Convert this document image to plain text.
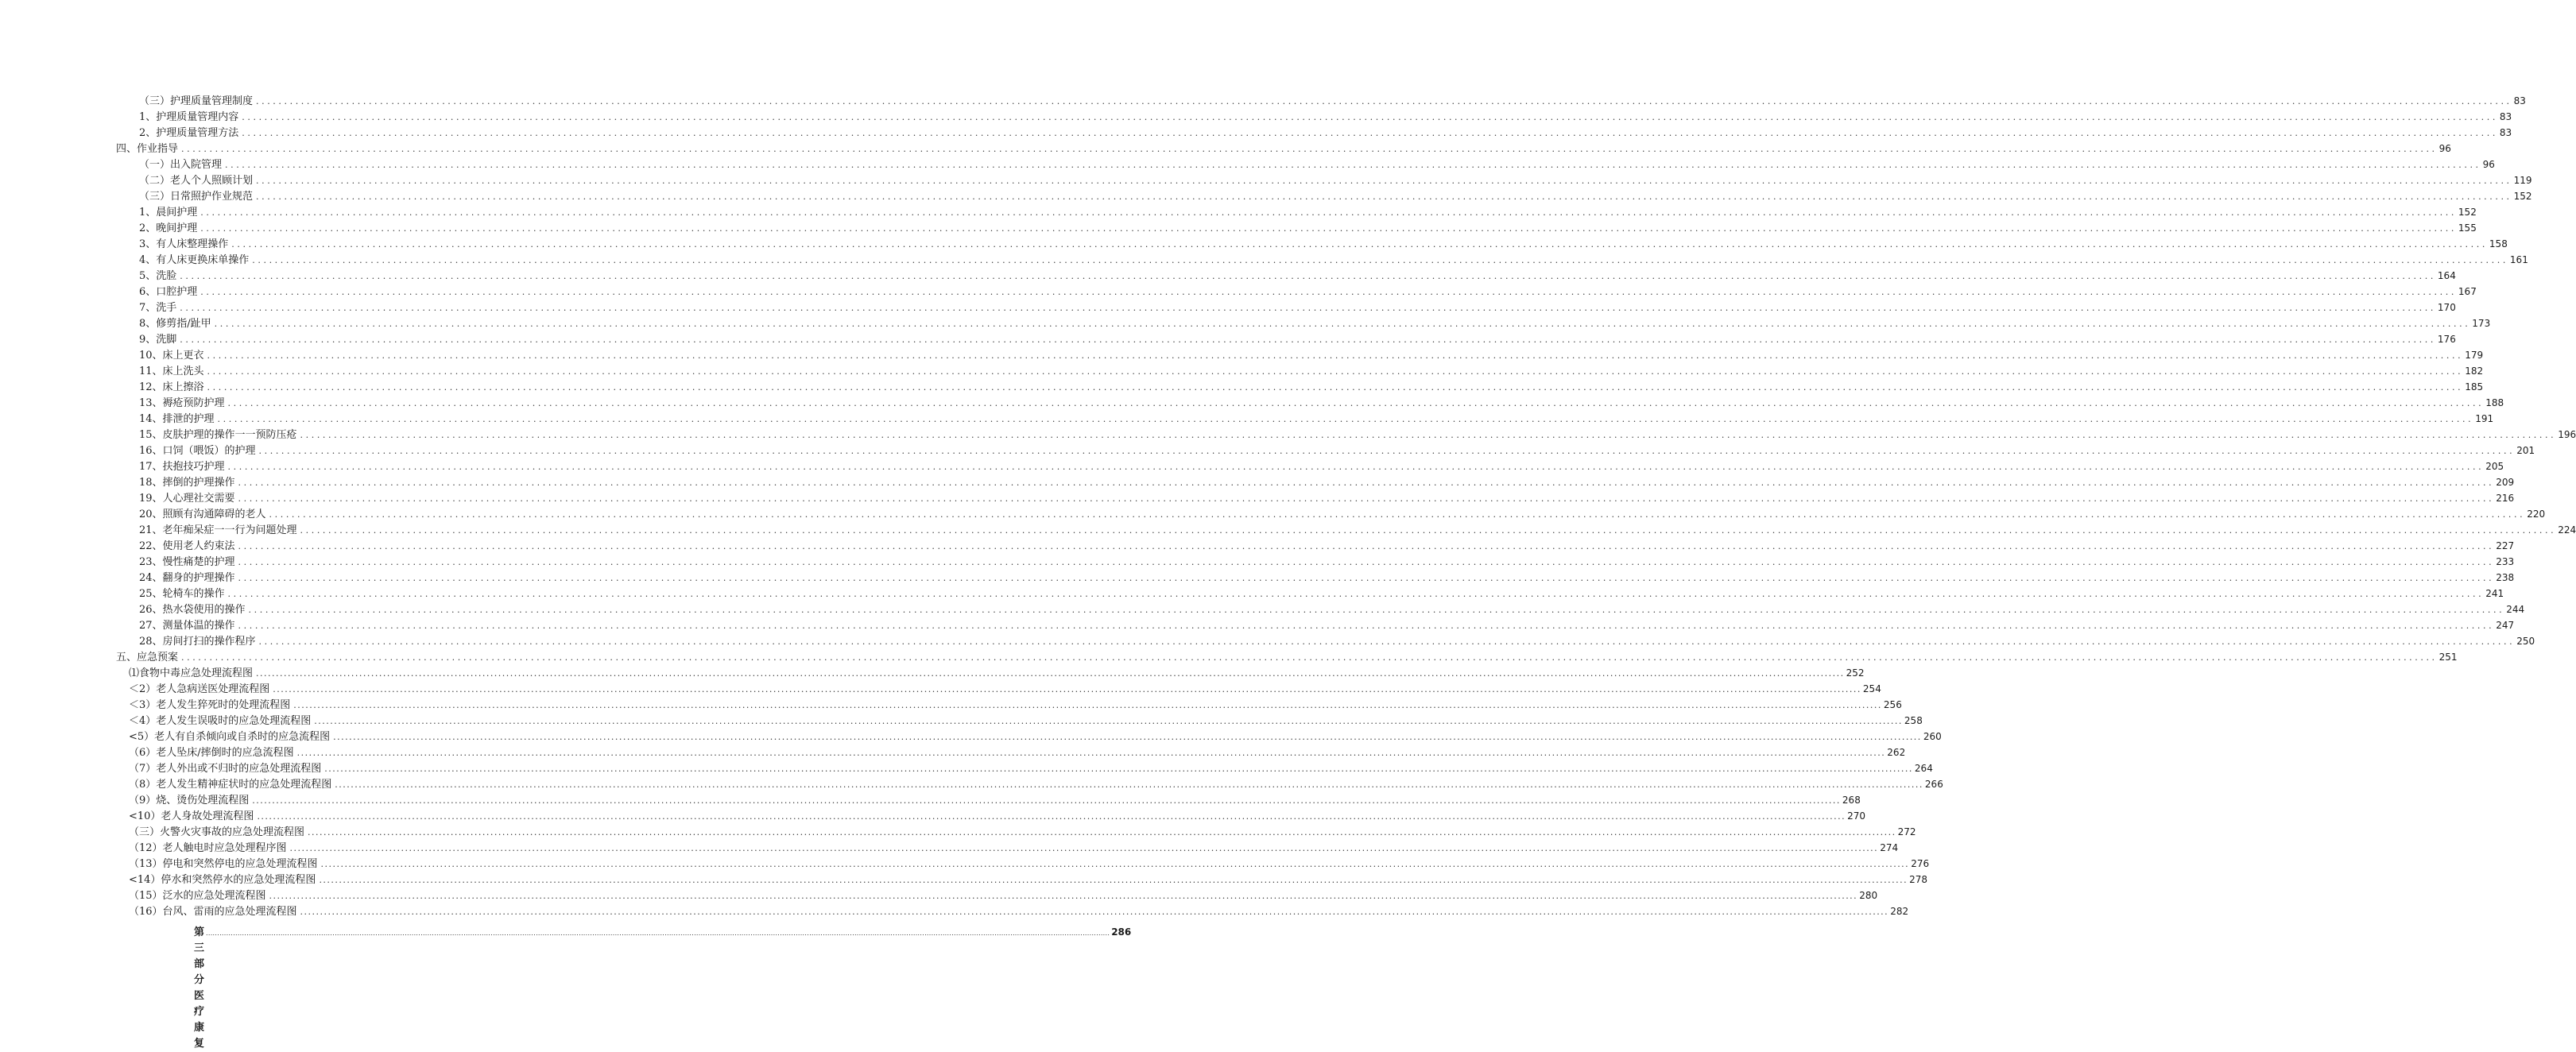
（三）护理质量管理制度 ................................................................................................................................................................................................................................................................................................................................................................................................................ 83
1、护理质量管理内容 ................................................................................................................................................................................................................................................................................................................................................................................................................ 83
2、护理质量管理方法 ................................................................................................................................................................................................................................................................................................................................................................................................................ 83
四、作业指导 ................................................................................................................................................................................................................................................................................................................................................................................................................ 96
（一）出入院管理 ................................................................................................................................................................................................................................................................................................................................................................................................................ 96
（二）老人个人照顾计划 ................................................................................................................................................................................................................................................................................................................................................................................................................ 119
（三）日常照护作业规范 ................................................................................................................................................................................................................................................................................................................................................................................................................ 152
1、晨间护理 ................................................................................................................................................................................................................................................................................................................................................................................................................ 152
2、晚间护理 ................................................................................................................................................................................................................................................................................................................................................................................................................ 155
3、有人床整理操作 ................................................................................................................................................................................................................................................................................................................................................................................................................ 158
4、有人床更换床单操作 ................................................................................................................................................................................................................................................................................................................................................................................................................ 161
5、洗脸 ................................................................................................................................................................................................................................................................................................................................................................................................................ 164
6、口腔护理 ................................................................................................................................................................................................................................................................................................................................................................................................................ 167
7、洗手 ................................................................................................................................................................................................................................................................................................................................................................................................................ 170
8、修剪指/趾甲 ................................................................................................................................................................................................................................................................................................................................................................................................................ 173
9、洗脚 ................................................................................................................................................................................................................................................................................................................................................................................................................ 176
10、床上更衣 ................................................................................................................................................................................................................................................................................................................................................................................................................ 179
11、床上洗头 ................................................................................................................................................................................................................................................................................................................................................................................................................ 182
12、床上擦浴 ................................................................................................................................................................................................................................................................................................................................................................................................................ 185
13、褥疮预防护理 ................................................................................................................................................................................................................................................................................................................................................................................................................ 188
14、排泄的护理 ................................................................................................................................................................................................................................................................................................................................................................................................................ 191
15、皮肤护理的操作一一预防压疮 ................................................................................................................................................................................................................................................................................................................................................................................................................ 196
16、口饲（喂饭）的护理 ................................................................................................................................................................................................................................................................................................................................................................................................................ 201
17、扶抱技巧护理 ................................................................................................................................................................................................................................................................................................................................................................................................................ 205
18、摔倒的护理操作 ................................................................................................................................................................................................................................................................................................................................................................................................................ 209
19、人心理社交需要 ................................................................................................................................................................................................................................................................................................................................................................................................................ 216
20、照顾有沟通障碍的老人 ................................................................................................................................................................................................................................................................................................................................................................................................................ 220
21、老年痴呆症一一行为问题处理 ................................................................................................................................................................................................................................................................................................................................................................................................................ 224
22、使用老人约束法 ................................................................................................................................................................................................................................................................................................................................................................................................................ 227
23、慢性痛楚的护理 ................................................................................................................................................................................................................................................................................................................................................................................................................ 233
24、翻身的护理操作 ................................................................................................................................................................................................................................................................................................................................................................................................................ 238
25、轮椅车的操作 ................................................................................................................................................................................................................................................................................................................................................................................................................ 241
26、热水袋使用的操作 ................................................................................................................................................................................................................................................................................................................................................................................................................ 244
27、测量体温的操作 ................................................................................................................................................................................................................................................................................................................................................................................................................ 247
28、房间打扫的操作程序 ................................................................................................................................................................................................................................................................................................................................................................................................................ 250
五、应急预案 ................................................................................................................................................................................................................................................................................................................................................................................................................ 251
⑴食物中毒应急处理流程图 ................................................................................................................................................................................................................................................................................................................................................................................................................ 252
＜2）老人急病送医处理流程图 ................................................................................................................................................................................................................................................................................................................................................................................................................ 254
＜3）老人发生猝死时的处理流程图 ................................................................................................................................................................................................................................................................................................................................................................................................................ 256
＜4）老人发生误吸时的应急处理流程图 ................................................................................................................................................................................................................................................................................................................................................................................................................ 258
<5）老人有自杀倾向或自杀时的应急流程图 ................................................................................................................................................................................................................................................................................................................................................................................................................ 260
（6）老人坠床/摔倒时的应急流程图 ................................................................................................................................................................................................................................................................................................................................................................................................................ 262
（7）老人外出或不归时的应急处理流程图 ................................................................................................................................................................................................................................................................................................................................................................................................................ 264
（8）老人发生精神症状时的应急处理流程图 ................................................................................................................................................................................................................................................................................................................................................................................................................ 266
（9）烧、烫伤处理流程图 ................................................................................................................................................................................................................................................................................................................................................................................................................ 268
<10）老人身故处理流程图 ................................................................................................................................................................................................................................................................................................................................................................................................................ 270
（三）火警火灾事故的应急处理流程图 ................................................................................................................................................................................................................................................................................................................................................................................................................ 272
（12）老人触电时应急处理程序图 ................................................................................................................................................................................................................................................................................................................................................................................................................ 274
（13）停电和突然停电的应急处理流程图 ................................................................................................................................................................................................................................................................................................................................................................................................................ 276
<14）停水和突然停水的应急处理流程图 ................................................................................................................................................................................................................................................................................................................................................................................................................ 278
（15）泛水的应急处理流程图 ................................................................................................................................................................................................................................................................................................................................................................................................................ 280
（16）台风、雷雨的应急处理流程图 ................................................................................................................................................................................................................................................................................................................................................................................................................ 282
第三部分医疗康复
................................................................................................................................................................................................................................................................................................................................................................................................................ 286
